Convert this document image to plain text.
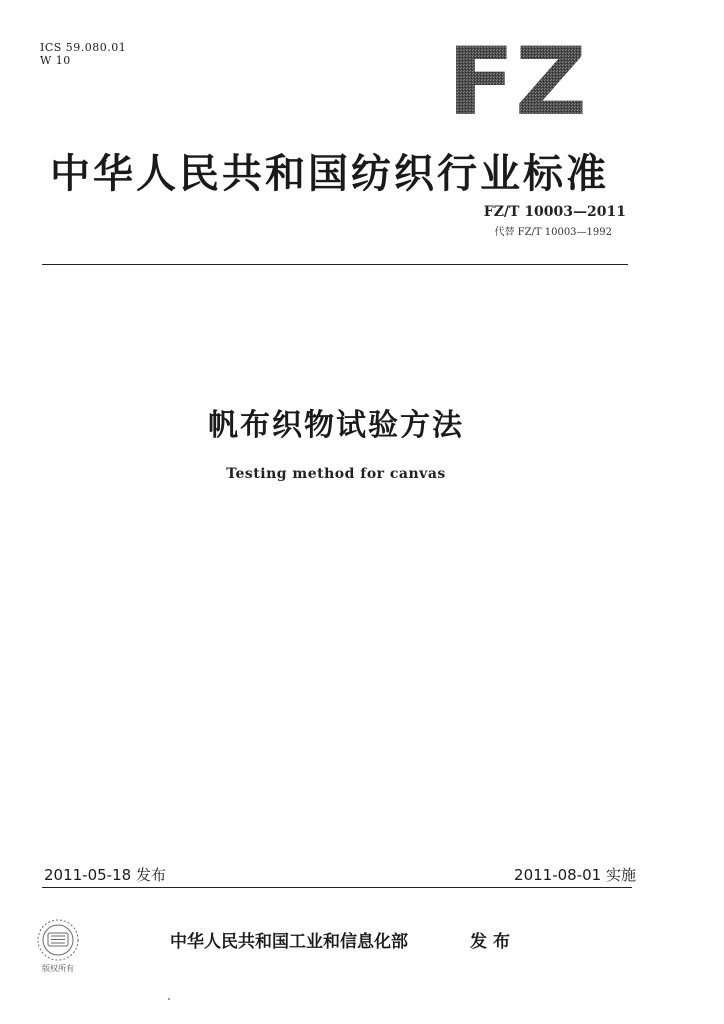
ICS 59.080.01
W 10	FZ
中华人民共和国纺织行业标准
FZ/T 10003—2011
代替 FZ/T 10003—1992
帆布织物试验方法
Testing method for canvas
2011-05-18 发布	2011-08-01 实施
版权所有
中华人民共和国工业和信息化部	发布
